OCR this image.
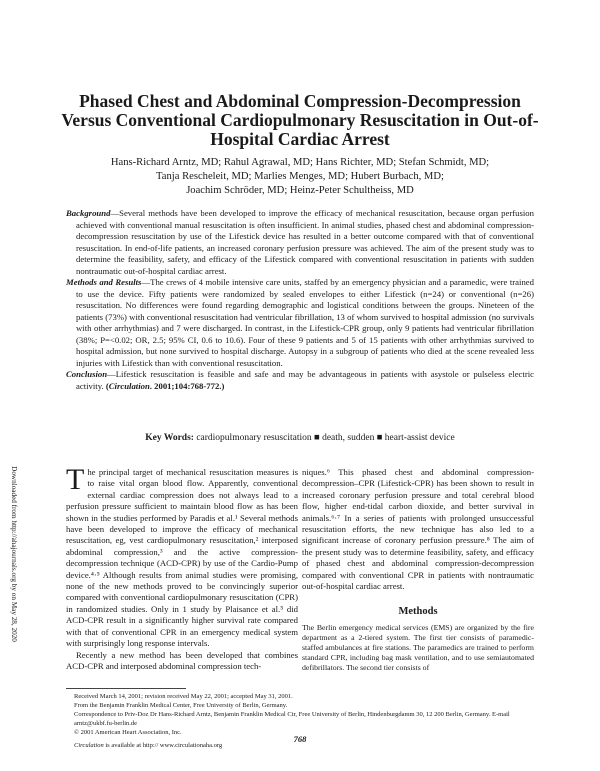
Phased Chest and Abdominal Compression-Decompression Versus Conventional Cardiopulmonary Resuscitation in Out-of-Hospital Cardiac Arrest
Hans-Richard Arntz, MD; Rahul Agrawal, MD; Hans Richter, MD; Stefan Schmidt, MD;
Tanja Rescheleit, MD; Marlies Menges, MD; Hubert Burbach, MD;
Joachim Schröder, MD; Heinz-Peter Schultheiss, MD

Background—Several methods have been developed to improve the efficacy of mechanical resuscitation, because organ perfusion achieved with conventional manual resuscitation is often insufficient. In animal studies, phased chest and abdominal compression-decompression resuscitation by use of the Lifestick device has resulted in a better outcome compared with that of conventional resuscitation. In end-of-life patients, an increased coronary perfusion pressure was achieved. The aim of the present study was to determine the feasibility, safety, and efficacy of the Lifestick compared with conventional resuscitation in patients with sudden nontraumatic out-of-hospital cardiac arrest.

Methods and Results—The crews of 4 mobile intensive care units, staffed by an emergency physician and a paramedic, were trained to use the device. Fifty patients were randomized by sealed envelopes to either Lifestick (n=24) or conventional (n=26) resuscitation. No differences were found regarding demographic and logistical conditions between the groups. Nineteen of the patients (73%) with conventional resuscitation had ventricular fibrillation, 13 of whom survived to hospital admission (no survivals with other arrhythmias) and 7 were discharged. In contrast, in the Lifestick-CPR group, only 9 patients had ventricular fibrillation (38%; P=<0.02; OR, 2.5; 95% CI, 0.6 to 10.6). Four of these 9 patients and 5 of 15 patients with other arrhythmias survived to hospital admission, but none survived to hospital discharge. Autopsy in a subgroup of patients who died at the scene revealed less injuries with Lifestick than with conventional resuscitation.

Conclusion—Lifestick resuscitation is feasible and safe and may be advantageous in patients with asystole or pulseless electric activity. (Circulation. 2001;104:768-772.)

Key Words: cardiopulmonary resuscitation ■ death, sudden ■ heart-assist device
Downloaded from http://ahajournals.org by on May 28, 2020 The principal target of mechanical resuscitation measures is to raise vital organ blood flow. Apparently, conventional external cardiac compression does not always lead to a perfusion pressure sufficient to maintain blood flow as has been shown in the studies performed by Paradis et al.¹ Several methods have been developed to improve the efficacy of mechanical resuscitation, eg, vest cardiopulmonary resuscitation,² interposed abdominal compression,³ and the active compression-decompression technique (ACD-CPR) by use of the Cardio-Pump device.⁴·⁵ Although results from animal studies were promising, none of the new methods proved to be convincingly superior compared with conventional cardiopulmonary resuscitation (CPR) in randomized studies. Only in 1 study by Plaisance et al.⁵ did ACD-CPR result in a significantly higher survival rate compared with that of conventional CPR in an emergency medical system with surprisingly long response intervals.

Recently a new method has been developed that combines ACD-CPR and interposed abdominal compression tech-

niques.⁶ This phased chest and abdominal compression-decompression–CPR (Lifestick-CPR) has been shown to result in increased coronary perfusion pressure and total cerebral blood flow, higher end-tidal carbon dioxide, and better survival in animals.⁶·⁷ In a series of patients with prolonged unsuccessful resuscitation efforts, the new technique has also led to a significant increase of coronary perfusion pressure.⁸ The aim of the present study was to determine feasibility, safety, and efficacy of phased chest and abdominal compression-decompression compared with conventional CPR in patients with nontraumatic out-of-hospital cardiac arrest.

Methods

The Berlin emergency medical services (EMS) are organized by the fire department as a 2-tiered system. The first tier consists of paramedic-staffed ambulances at fire stations. The paramedics are trained to perform standard CPR, including bag mask ventilation, and to use semiautomated defibrillators. The second tier consists of

Received March 14, 2001; revision received May 22, 2001; accepted May 31, 2001.

From the Benjamin Franklin Medical Center, Free University of Berlin, Germany.

Correspondence to Priv-Doz Dr Hans-Richard Arntz, Benjamin Franklin Medical Ctr, Free University of Berlin, Hindenburgdamm 30, 12 200 Berlin, Germany. E-mail arntz@ukbf.fu-berlin.de

© 2001 American Heart Association, Inc.

Circulation is available at http:// www.circulationaha.org

768
